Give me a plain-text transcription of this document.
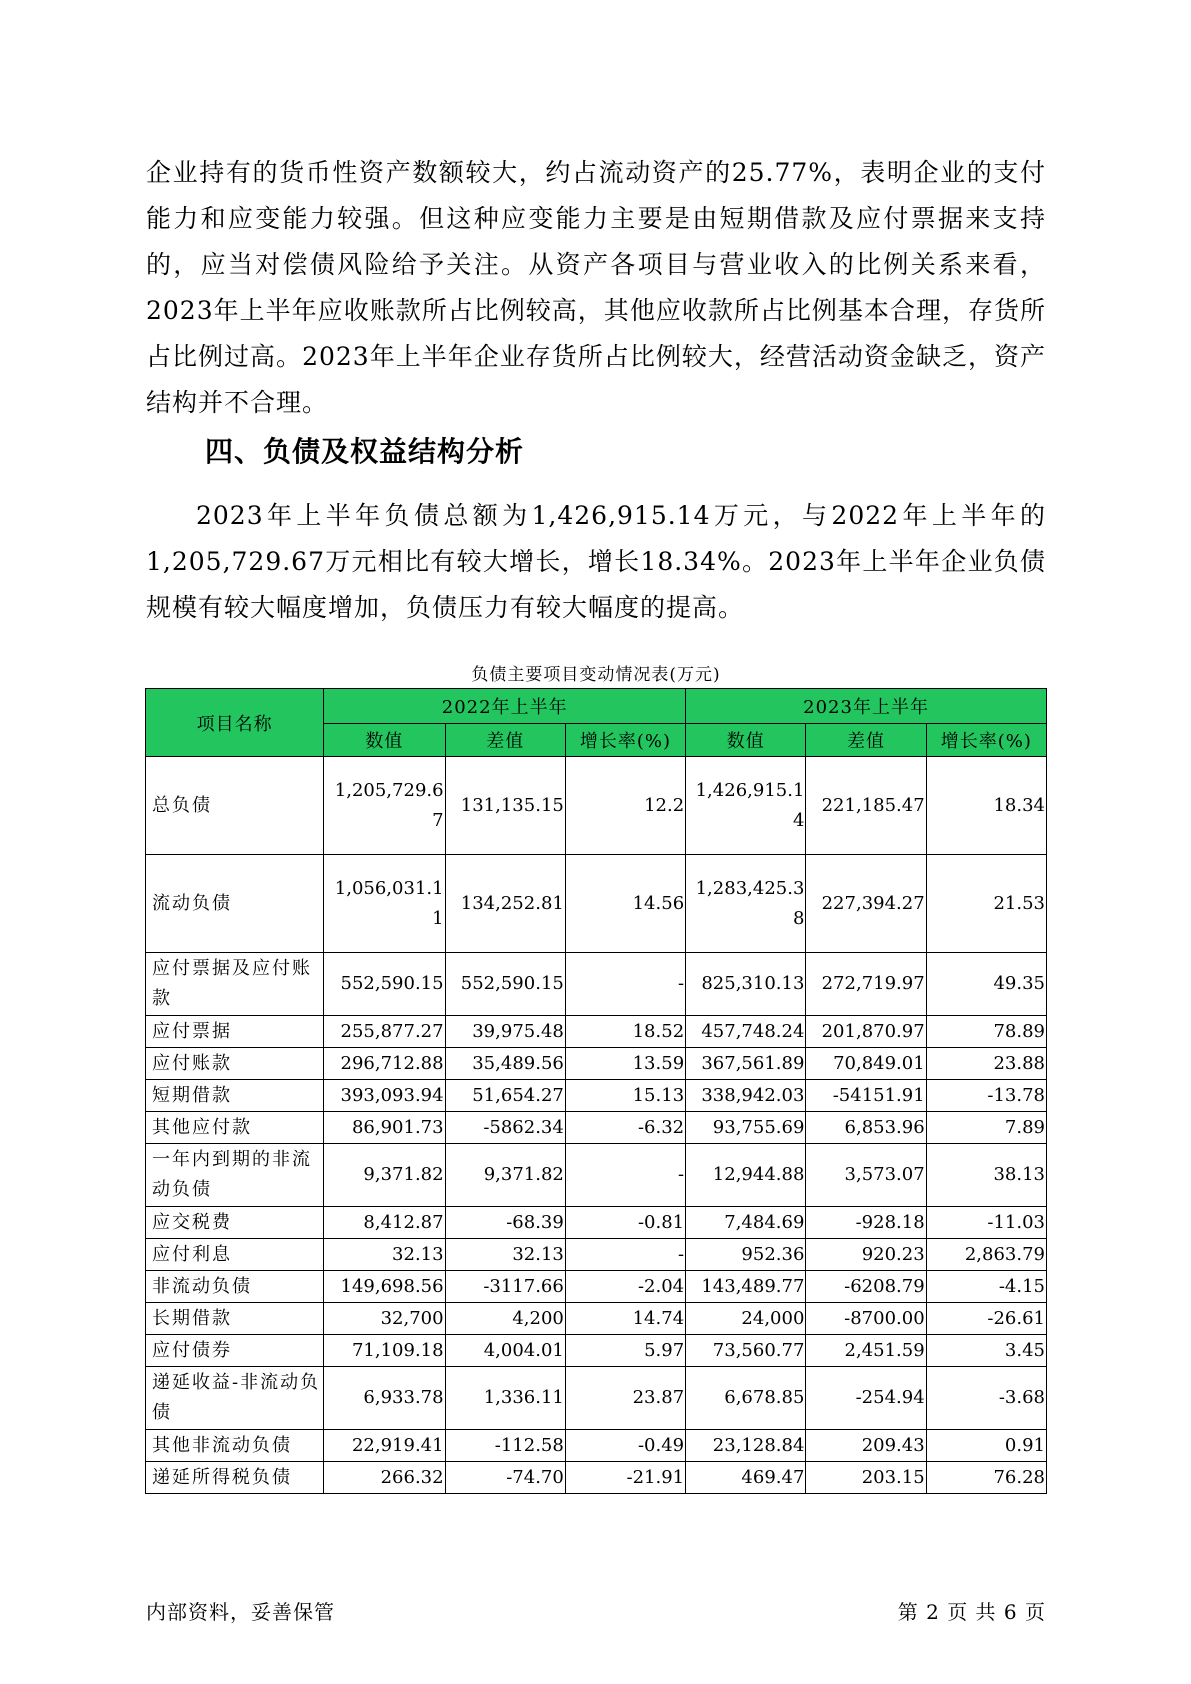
企业持有的货币性资产数额较大，约占流动资产的25.77%，表明企业的支付能力和应变能力较强。但这种应变能力主要是由短期借款及应付票据来支持的，应当对偿债风险给予关注。从资产各项目与营业收入的比例关系来看，2023年上半年应收账款所占比例较高，其他应收款所占比例基本合理，存货所占比例过高。2023年上半年企业存货所占比例较大，经营活动资金缺乏，资产结构并不合理。

四、负债及权益结构分析

2023年上半年负债总额为1,426,915.14万元，与2022年上半年的1,205,729.67万元相比有较大增长，增长18.34%。2023年上半年企业负债规模有较大幅度增加，负债压力有较大幅度的提高。

负债主要项目变动情况表(万元)
项目名称	2022年上半年			2023年上半年		
	数值	差值	增长率(%)	数值	差值	增长率(%)
总负债	1,205,729.67	131,135.15	12.2	1,426,915.14	221,185.47	18.34
流动负债	1,056,031.11	134,252.81	14.56	1,283,425.38	227,394.27	21.53
应付票据及应付账款	552,590.15	552,590.15	-	825,310.13	272,719.97	49.35
应付票据	255,877.27	39,975.48	18.52	457,748.24	201,870.97	78.89
应付账款	296,712.88	35,489.56	13.59	367,561.89	70,849.01	23.88
短期借款	393,093.94	51,654.27	15.13	338,942.03	-54151.91	-13.78
其他应付款	86,901.73	-5862.34	-6.32	93,755.69	6,853.96	7.89
一年内到期的非流动负债	9,371.82	9,371.82	-	12,944.88	3,573.07	38.13
应交税费	8,412.87	-68.39	-0.81	7,484.69	-928.18	-11.03
应付利息	32.13	32.13	-	952.36	920.23	2,863.79
非流动负债	149,698.56	-3117.66	-2.04	143,489.77	-6208.79	-4.15
长期借款	32,700	4,200	14.74	24,000	-8700.00	-26.61
应付债券	71,109.18	4,004.01	5.97	73,560.77	2,451.59	3.45
递延收益-非流动负债	6,933.78	1,336.11	23.87	6,678.85	-254.94	-3.68
其他非流动负债	22,919.41	-112.58	-0.49	23,128.84	209.43	0.91
递延所得税负债	266.32	-74.70	-21.91	469.47	203.15	76.28
内部资料，妥善保管	第 2 页 共 6 页
